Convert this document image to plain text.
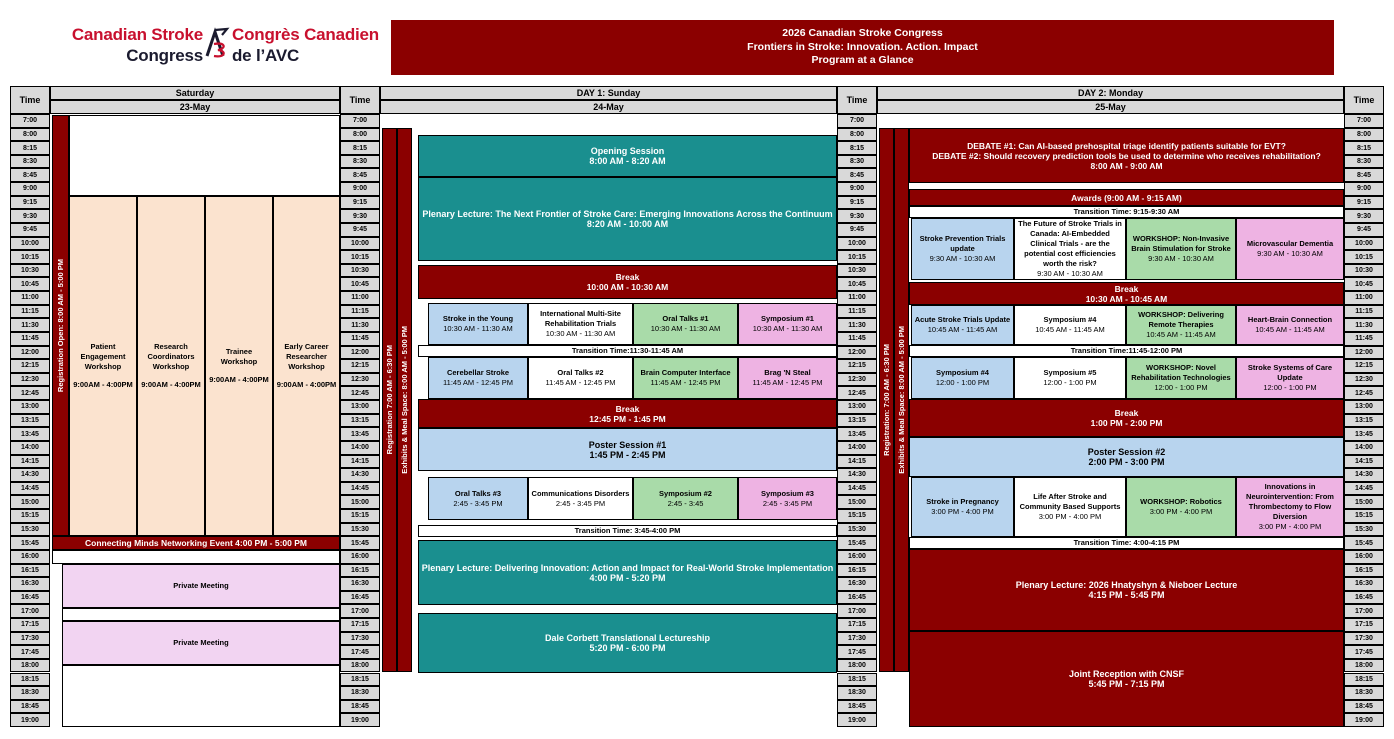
Canadian Stroke
Congress
Congrès Canadien
de l’AVC
2026 Canadian Stroke Congress
Frontiers in Stroke: Innovation. Action. Impact
Program at a Glance
Time
Saturday
23-May
Time
DAY 1: Sunday
24-May
Time
DAY 2: Monday
25-May
Time
7:00
8:00
8:15
8:30
8:45
9:00
9:15
9:30
9:45
10:00
10:15
10:30
10:45
11:00
11:15
11:30
11:45
12:00
12:15
12:30
12:45
13:00
13:15
13:45
14:00
14:15
14:30
14:45
15:00
15:15
15:30
15:45
16:00
16:15
16:30
16:45
17:00
17:15
17:30
17:45
18:00
18:15
18:30
18:45
19:00
7:00
8:00
8:15
8:30
8:45
9:00
9:15
9:30
9:45
10:00
10:15
10:30
10:45
11:00
11:15
11:30
11:45
12:00
12:15
12:30
12:45
13:00
13:15
13:45
14:00
14:15
14:30
14:45
15:00
15:15
15:30
15:45
16:00
16:15
16:30
16:45
17:00
17:15
17:30
17:45
18:00
18:15
18:30
18:45
19:00
7:00
8:00
8:15
8:30
8:45
9:00
9:15
9:30
9:45
10:00
10:15
10:30
10:45
11:00
11:15
11:30
11:45
12:00
12:15
12:30
12:45
13:00
13:15
13:45
14:00
14:15
14:30
14:45
15:00
15:15
15:30
15:45
16:00
16:15
16:30
16:45
17:00
17:15
17:30
17:45
18:00
18:15
18:30
18:45
19:00
7:00
8:00
8:15
8:30
8:45
9:00
9:15
9:30
9:45
10:00
10:15
10:30
10:45
11:00
11:15
11:30
11:45
12:00
12:15
12:30
12:45
13:00
13:15
13:45
14:00
14:15
14:30
14:45
15:00
15:15
15:30
15:45
16:00
16:15
16:30
16:45
17:00
17:15
17:30
17:45
18:00
18:15
18:30
18:45
19:00
Registration Open: 8:00 AM - 5:00 PM	Patient Engagement Workshop
9:00AM - 4:00PM
Research Coordinators Workshop
9:00AM - 4:00PM
Trainee Workshop
9:00AM - 4:00PM
Early Career Researcher Workshop
9:00AM - 4:00PM
Connecting Minds Networking Event 4:00 PM - 5:00 PM
Private Meeting
Private Meeting
Registration 7:00 AM - 6:30 PM Exhibits & Meal Space: 8:00 AM - 5:00 PM
Opening Session
8:00 AM - 8:20 AM
Plenary Lecture: The Next Frontier of Stroke Care: Emerging Innovations Across the Continuum
8:20 AM - 10:00 AM
Break
10:00 AM - 10:30 AM
Stroke in the Young
10:30 AM - 11:30 AM
International Multi-Site Rehabilitation Trials
10:30 AM - 11:30 AM
Oral Talks #1
10:30 AM - 11:30 AM
Symposium #1
10:30 AM - 11:30 AM
Transition Time:11:30-11:45 AM
Cerebellar Stroke
11:45 AM - 12:45 PM
Oral Talks #2
11:45 AM - 12:45 PM
Brain Computer Interface
11:45 AM - 12:45 PM
Brag 'N Steal
11:45 AM - 12:45 PM
Break
12:45 PM - 1:45 PM
Poster Session #1
1:45 PM - 2:45 PM
Oral Talks #3
2:45 - 3:45 PM
Communications Disorders
2:45 - 3:45 PM
Symposium #2
2:45 - 3:45
Symposium #3
2:45 - 3:45 PM
Transition Time: 3:45-4:00 PM
Plenary Lecture: Delivering Innovation: Action and Impact for Real-World Stroke Implementation
4:00 PM - 5:20 PM
Dale Corbett Translational Lectureship
5:20 PM - 6:00 PM
Registration: 7:00 AM - 6:30 PM Exhibits & Meal Space: 8:00 AM - 5:00 PM
DEBATE #1: Can AI-based prehospital triage identify patients suitable for EVT?
DEBATE #2: Should recovery prediction tools be used to determine who receives rehabilitation?
8:00 AM - 9:00 AM
Awards (9:00 AM - 9:15 AM)
Transition Time: 9:15-9:30 AM
Stroke Prevention Trials update
9:30 AM - 10:30 AM
The Future of Stroke Trials in Canada: AI-Embedded Clinical Trials - are the potential cost efficiencies worth the risk?
9:30 AM - 10:30 AM
WORKSHOP: Non-Invasive Brain Stimulation for Stroke
9:30 AM - 10:30 AM
Microvascular Dementia
9:30 AM - 10:30 AM
Break
10:30 AM - 10:45 AM
Acute Stroke Trials Update
10:45 AM - 11:45 AM
Symposium #4
10:45 AM - 11:45 AM
WORKSHOP: Delivering Remote Therapies
10:45 AM - 11:45 AM
Heart-Brain Connection
10:45 AM - 11:45 AM
Transition Time:11:45-12:00 PM
Symposium #4
12:00 - 1:00 PM
Symposium #5
12:00 - 1:00 PM
WORKSHOP: Novel Rehabilitation Technologies
12:00 - 1:00 PM
Stroke Systems of Care Update
12:00 - 1:00 PM
Break
1:00 PM - 2:00 PM
Poster Session #2
2:00 PM - 3:00 PM
Stroke in Pregnancy
3:00 PM - 4:00 PM
Life After Stroke and Community Based Supports
3:00 PM - 4:00 PM
WORKSHOP: Robotics
3:00 PM - 4:00 PM
Innovations in Neurointervention: From Thrombectomy to Flow Diversion
3:00 PM - 4:00 PM
Transition Time: 4:00-4:15 PM
Plenary Lecture: 2026 Hnatyshyn & Nieboer Lecture
4:15 PM - 5:45 PM
Joint Reception with CNSF
5:45 PM - 7:15 PM
